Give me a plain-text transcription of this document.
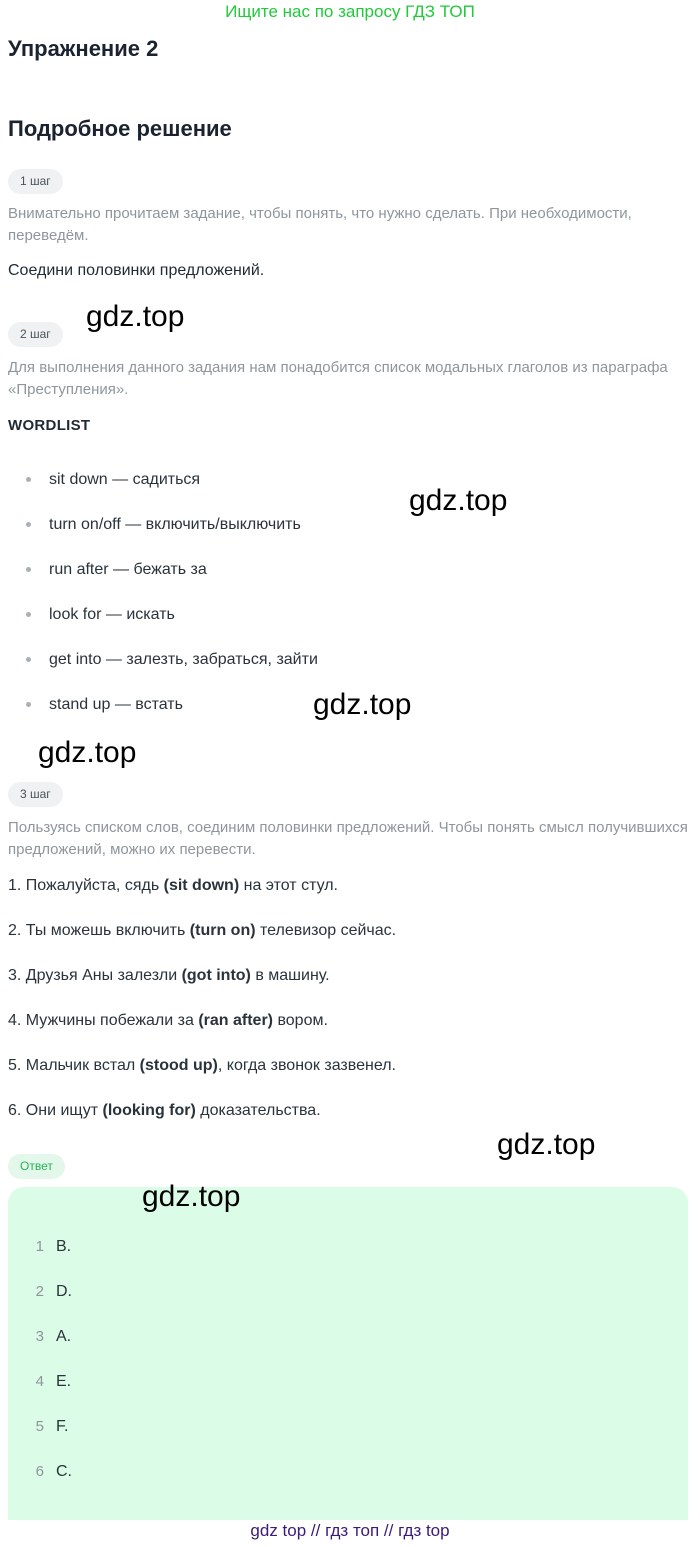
Ищите нас по запросу ГДЗ ТОП
Упражнение 2
Подробное решение
1 шаг

Внимательно прочитаем задание, чтобы понять, что нужно сделать. При необходимости, переведём.

Соедини половинки предложений.

2 шаг

Для выполнения данного задания нам понадобится список модальных глаголов из параграфа «Преступления».

WORDLIST

sit down — садиться
turn on/off — включить/выключить
run after — бежать за
look for — искать
get into — залезть, забраться, зайти
stand up — встать
3 шаг

Пользуясь списком слов, соединим половинки предложений. Чтобы понять смысл получившихся предложений, можно их перевести.

1. Пожалуйста, сядь (sit down) на этот стул.
2. Ты можешь включить (turn on) телевизор сейчас.
3. Друзья Аны залезли (got into) в машину.
4. Мужчины побежали за (ran after) вором.
5. Мальчик встал (stood up), когда звонок зазвенел.
6. Они ищут (looking for) доказательства.
Ответ
1 B.
2 D.
3 A.
4 E.
5 F.
6 C.
gdz.top
gdz.top
gdz.top
gdz.top
gdz.top
gdz.top
gdz top // гдз топ // гдз top
